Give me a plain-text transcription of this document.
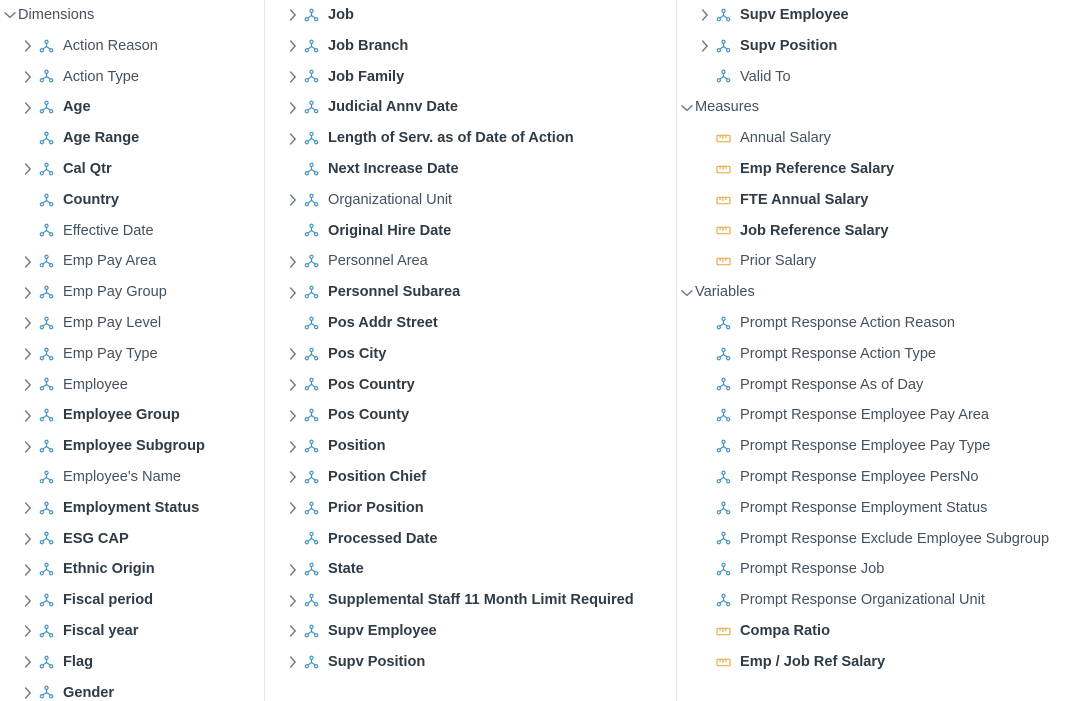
Dimensions
Action Reason
Action Type
Age
Age Range
Cal Qtr
Country
Effective Date
Emp Pay Area
Emp Pay Group
Emp Pay Level
Emp Pay Type
Employee
Employee Group
Employee Subgroup
Employee's Name
Employment Status
ESG CAP
Ethnic Origin
Fiscal period
Fiscal year
Flag
Gender
Job
Job Branch
Job Family
Judicial Annv Date
Length of Serv. as of Date of Action
Next Increase Date
Organizational Unit
Original Hire Date
Personnel Area
Personnel Subarea
Pos Addr Street
Pos City
Pos Country
Pos County
Position
Position Chief
Prior Position
Processed Date
State
Supplemental Staff 11 Month Limit Required
Supv Employee
Supv Position
Supv Employee
Supv Position
Valid To
Measures
Annual Salary
Emp Reference Salary
FTE Annual Salary
Job Reference Salary
Prior Salary
Variables
Prompt Response Action Reason
Prompt Response Action Type
Prompt Response As of Day
Prompt Response Employee Pay Area
Prompt Response Employee Pay Type
Prompt Response Employee PersNo
Prompt Response Employment Status
Prompt Response Exclude Employee Subgroup
Prompt Response Job
Prompt Response Organizational Unit
Compa Ratio
Emp / Job Ref Salary
